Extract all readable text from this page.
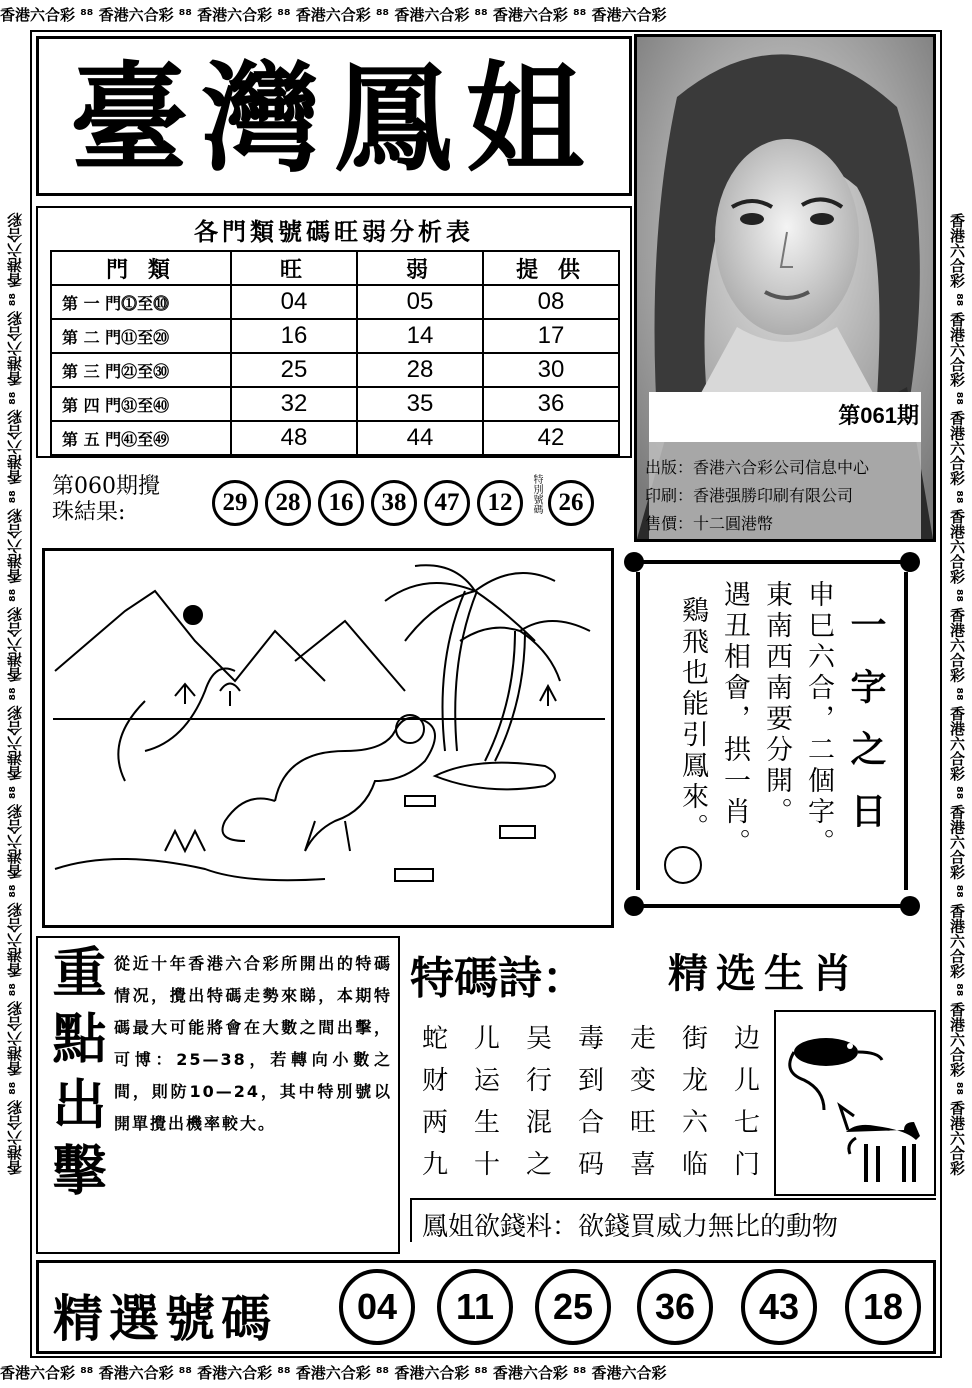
香港六合彩 ⁸⁸ 香港六合彩 ⁸⁸ 香港六合彩 ⁸⁸ 香港六合彩 ⁸⁸ 香港六合彩 ⁸⁸ 香港六合彩 ⁸⁸ 香港六合彩
香港六合彩 ⁸⁸ 香港六合彩 ⁸⁸ 香港六合彩 ⁸⁸ 香港六合彩 ⁸⁸ 香港六合彩 ⁸⁸ 香港六合彩 ⁸⁸ 香港六合彩
香港六合彩 ⁸⁸ 香港六合彩 ⁸⁸ 香港六合彩 ⁸⁸ 香港六合彩 ⁸⁸ 香港六合彩 ⁸⁸ 香港六合彩 ⁸⁸ 香港六合彩 ⁸⁸ 香港六合彩 ⁸⁸ 香港六合彩 ⁸⁸ 香港六合彩	香港六合彩 ⁸⁸ 香港六合彩 ⁸⁸ 香港六合彩 ⁸⁸ 香港六合彩 ⁸⁸ 香港六合彩 ⁸⁸ 香港六合彩 ⁸⁸ 香港六合彩 ⁸⁸ 香港六合彩 ⁸⁸ 香港六合彩 ⁸⁸ 香港六合彩
臺灣鳳姐
第061期
出版：香港六合彩公司信息中心
印刷：香港强勝印刷有限公司
售價：十二圓港幣
各門類號碼旺弱分析表
門 類	旺	弱	提 供
第 一 門⓵至⓾	04	05	08
第 二 門⑪至⑳	16	14	17
第 三 門㉑至㉚	25	28	30
第 四 門㉛至㊵	32	35	36
第 五 門㊶至㊾	48	44	42
第060期攪
珠結果:	29	28	16	38	47	12	特別號碼 26
一字之日
申巳六合，二個字。
東南西南要分開。
遇丑相會，拱一肖。
鷄飛也能引鳳來。
重點出擊 從近十年香港六合彩所開出的特碼情况，攪出特碼走勢來睇，本期特碼最大可能將會在大數之間出擊，可博：25—38，若轉向小數之間，則防10—24，其中特別號以開單攪出機率較大。
特碼詩： 精选生肖
蛇 儿 吴 毒 走 街 边
财 运 行 到 变 龙 儿
两 生 混 合 旺 六 七
九 十 之 码 喜 临 门
鳳姐欲錢料：欲錢買威力無比的動物
精選號碼	04	11	25	36	43	18
